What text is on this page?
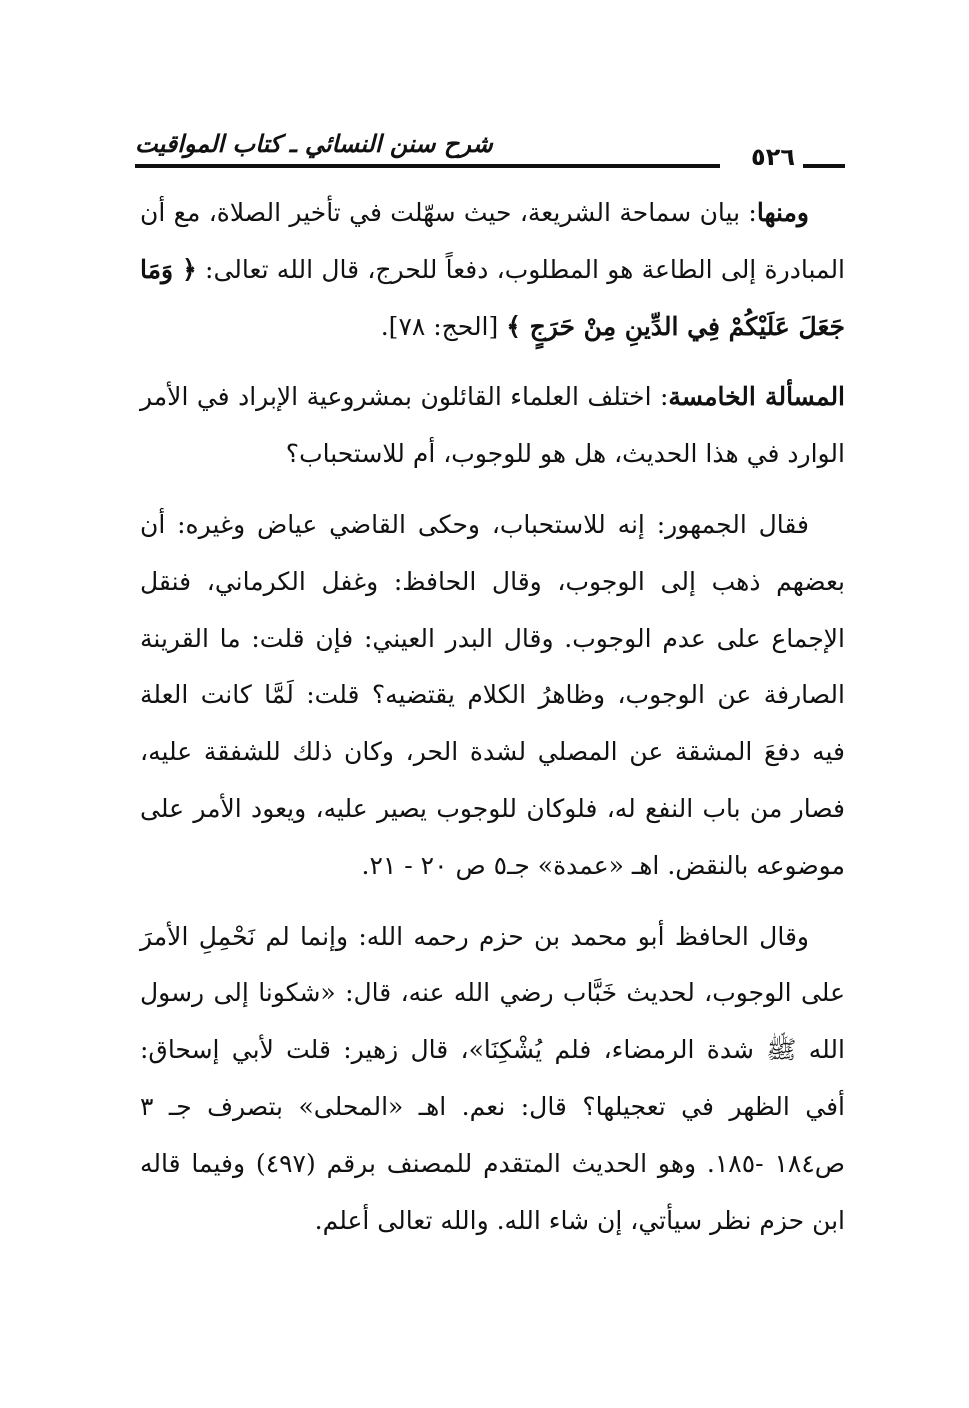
شرح سنن النسائي ـ كتاب المواقيت	٥٢٦

ومنها: بيان سماحة الشريعة، حيث سهّلت في تأخير الصلاة، مع أن المبادرة إلى الطاعة هو المطلوب، دفعاً للحرج، قال الله تعالى: ﴿ وَمَا جَعَلَ عَلَيْكُمْ فِي الدِّينِ مِنْ حَرَجٍ ﴾ [الحج: ٧٨].

المسألة الخامسة: اختلف العلماء القائلون بمشروعية الإبراد في الأمر الوارد في هذا الحديث، هل هو للوجوب، أم للاستحباب؟

فقال الجمهور: إنه للاستحباب، وحكى القاضي عياض وغيره: أن بعضهم ذهب إلى الوجوب، وقال الحافظ: وغفل الكرماني، فنقل الإجماع على عدم الوجوب. وقال البدر العيني: فإن قلت: ما القرينة الصارفة عن الوجوب، وظاهرُ الكلام يقتضيه؟ قلت: لَمَّا كانت العلة فيه دفعَ المشقة عن المصلي لشدة الحر، وكان ذلك للشفقة عليه، فصار من باب النفع له، فلوكان للوجوب يصير عليه، ويعود الأمر على موضوعه بالنقض. اهـ «عمدة» جـ٥ ص ٢٠ - ٢١.

وقال الحافظ أبو محمد بن حزم رحمه الله: وإنما لم نَحْمِلِ الأمرَ على الوجوب، لحديث خَبَّاب رضي الله عنه، قال: «شكونا إلى رسول الله ﷺ شدة الرمضاء، فلم يُشْكِنَا»، قال زهير: قلت لأبي إسحاق: أفي الظهر في تعجيلها؟ قال: نعم. اهـ «المحلى» بتصرف جـ ٣ ص١٨٤ -١٨٥. وهو الحديث المتقدم للمصنف برقم (٤٩٧) وفيما قاله ابن حزم نظر سيأتي، إن شاء الله. والله تعالى أعلم.
